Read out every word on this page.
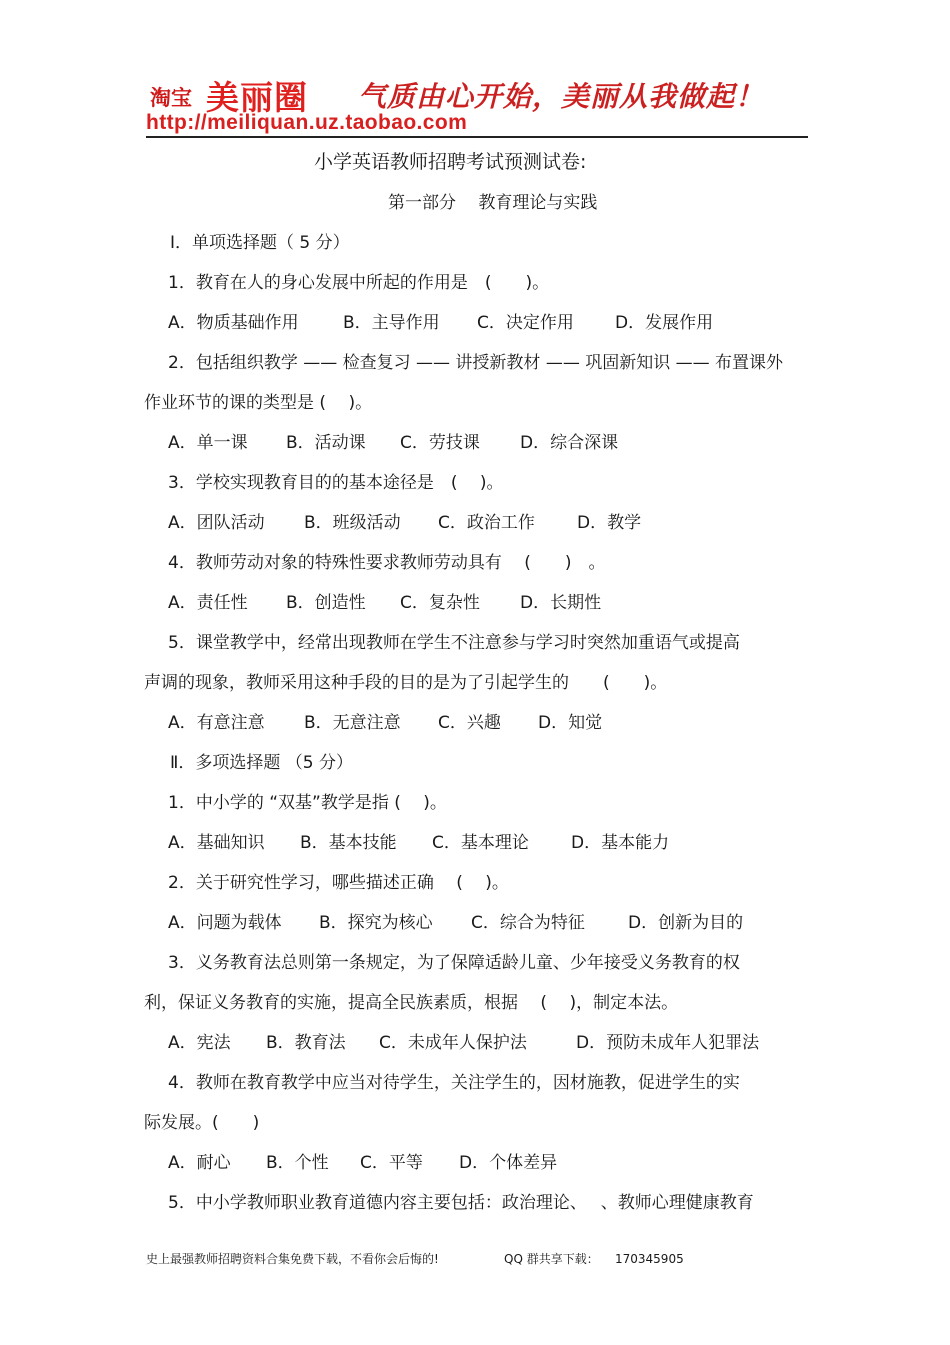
淘宝 美丽圈 气质由心开始，美丽从我做起！
http://meiliquan.uz.taobao.com
小学英语教师招聘考试预测试卷:
第一部分　 教育理论与实践
Ⅰ．单项选择题（ 5 分）
1．教育在人的身心发展中所起的作用是　(　　)。
A．物质基础作用	B．主导作用 C．决定作用 D．发展作用
2．包括组织教学 —— 检查复习 —— 讲授新教材 —— 巩固新知识 —— 布置课外
作业环节的课的类型是 (　 )。
A．单一课 B．活动课 C．劳技课 D．综合深课
3．学校实现教育目的的基本途径是　(　 )。
A．团队活动 B．班级活动 C．政治工作 D．教学
4．教师劳动对象的特殊性要求教师劳动具有　 (　　)　。
A．责任性 B．创造性 C．复杂性 D．长期性
5．课堂教学中，经常出现教师在学生不注意参与学习时突然加重语气或提高
声调的现象，教师采用这种手段的目的是为了引起学生的　　(　　)。
A．有意注意 B．无意注意 C．兴趣 D．知觉
Ⅱ．多项选择题 （5 分）
1．中小学的 “双基”教学是指 (　 )。
A．基础知识 B．基本技能 C．基本理论 D．基本能力
2．关于研究性学习，哪些描述正确　 (　 )。
A．问题为载体 B．探究为核心 C．综合为特征	D．创新为目的
3．义务教育法总则第一条规定，为了保障适龄儿童、少年接受义务教育的权
利，保证义务教育的实施，提高全民族素质，根据　 (　 )，制定本法。
A．宪法 B．教育法 C．未成年人保护法	D．预防未成年人犯罪法
4．教师在教育教学中应当对待学生，关注学生的，因材施教，促进学生的实
际发展。(　　)
A．耐心 B．个性 C．平等 D．个体差异
5．中小学教师职业教育道德内容主要包括：政治理论、　 、教师心理健康教育
史上最强教师招聘资料合集免费下载，不看你会后悔的!	QQ 群共享下载： 170345905
